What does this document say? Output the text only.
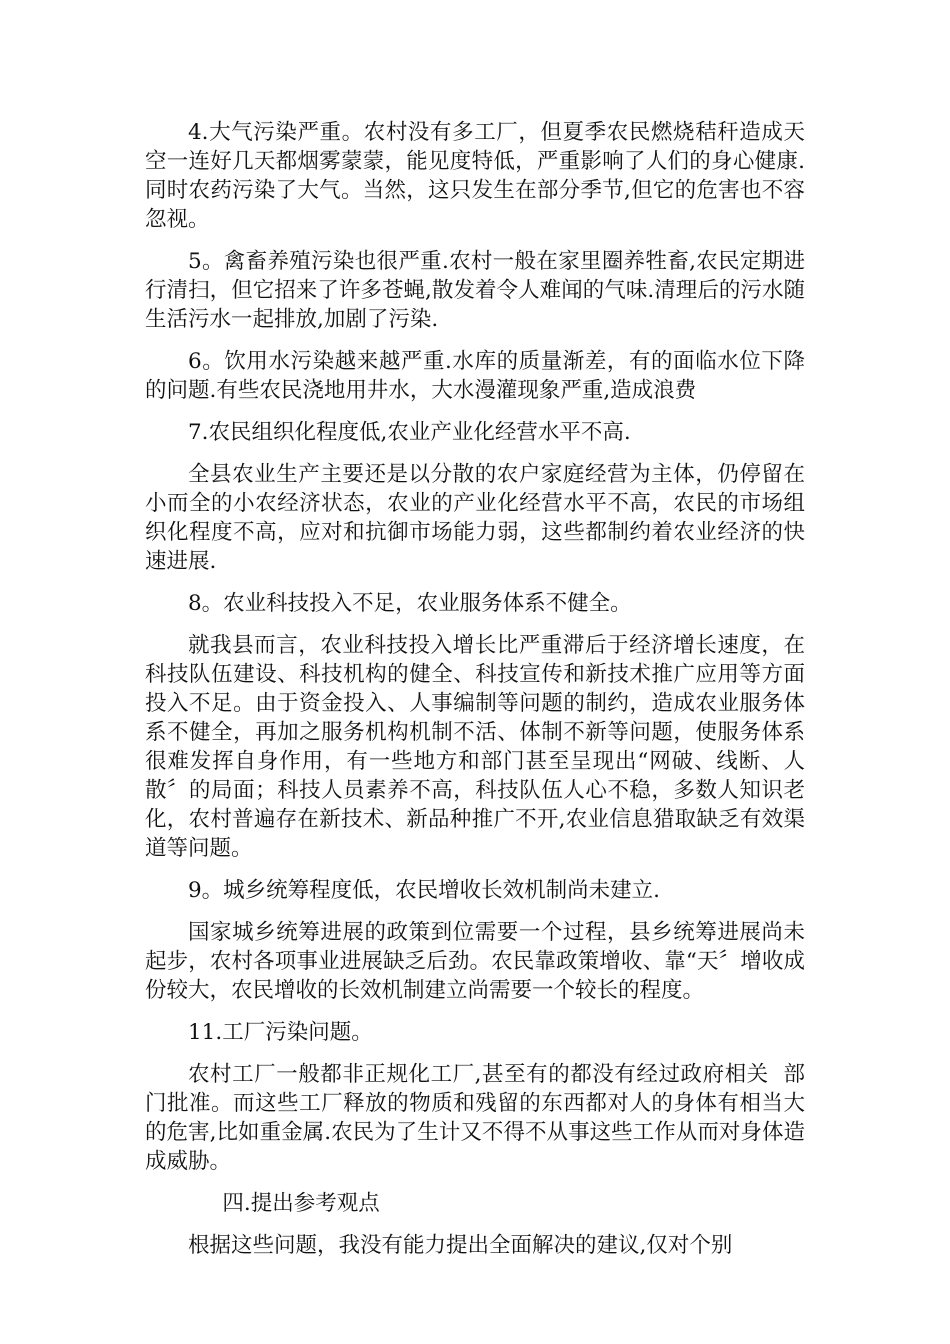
4.大气污染严重。农村没有多工厂，但夏季农民燃烧秸秆造成天空一连好几天都烟雾蒙蒙，能见度特低，严重影响了人们的身心健康.同时农药污染了大气。当然，这只发生在部分季节,但它的危害也不容忽视。

5。禽畜养殖污染也很严重.农村一般在家里圈养牲畜,农民定期进行清扫，但它招来了许多苍蝇,散发着令人难闻的气味.清理后的污水随生活污水一起排放,加剧了污染.

6。饮用水污染越来越严重.水库的质量渐差，有的面临水位下降的问题.有些农民浇地用井水，大水漫灌现象严重,造成浪费

7.农民组织化程度低,农业产业化经营水平不高.

全县农业生产主要还是以分散的农户家庭经营为主体，仍停留在小而全的小农经济状态，农业的产业化经营水平不高，农民的市场组织化程度不高，应对和抗御市场能力弱，这些都制约着农业经济的快速进展.

8。农业科技投入不足，农业服务体系不健全。

就我县而言，农业科技投入增长比严重滞后于经济增长速度，在科技队伍建设、科技机构的健全、科技宣传和新技术推广应用等方面投入不足。由于资金投入、人事编制等问题的制约，造成农业服务体系不健全，再加之服务机构机制不活、体制不新等问题，使服务体系很难发挥自身作用，有一些地方和部门甚至呈现出“网破、线断、人散〞的局面；科技人员素养不高，科技队伍人心不稳，多数人知识老化，农村普遍存在新技术、新品种推广不开,农业信息猎取缺乏有效渠道等问题。

9。城乡统筹程度低，农民增收长效机制尚未建立.

国家城乡统筹进展的政策到位需要一个过程，县乡统筹进展尚未起步，农村各项事业进展缺乏后劲。农民靠政策增收、靠“天〞增收成份较大，农民增收的长效机制建立尚需要一个较长的程度。

11.工厂污染问题。

农村工厂一般都非正规化工厂,甚至有的都没有经过政府相关  部门批准。而这些工厂释放的物质和残留的东西都对人的身体有相当大的危害,比如重金属.农民为了生计又不得不从事这些工作从而对身体造成威胁。

四.提出参考观点

根据这些问题，我没有能力提出全面解决的建议,仅对个别
